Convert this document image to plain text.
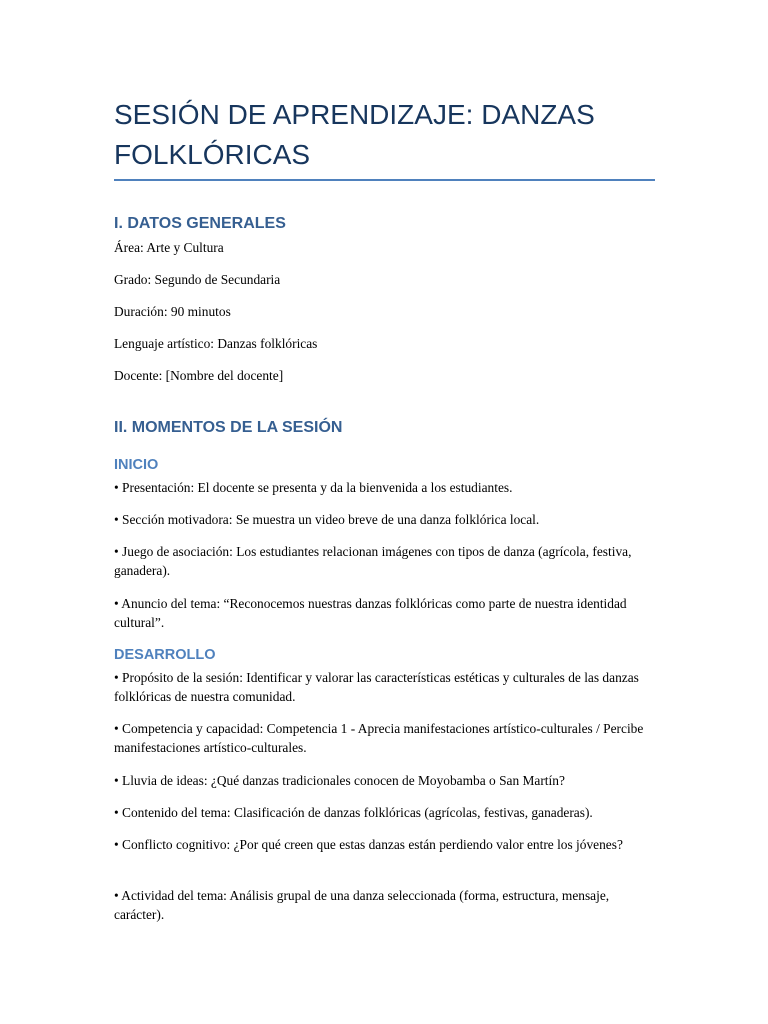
SESIÓN DE APRENDIZAJE: DANZAS FOLKLÓRICAS
I. DATOS GENERALES

Área: Arte y Cultura

Grado: Segundo de Secundaria

Duración: 90 minutos

Lenguaje artístico: Danzas folklóricas

Docente: [Nombre del docente]

II. MOMENTOS DE LA SESIÓN
INICIO

• Presentación: El docente se presenta y da la bienvenida a los estudiantes.

• Sección motivadora: Se muestra un video breve de una danza folklórica local.

• Juego de asociación: Los estudiantes relacionan imágenes con tipos de danza (agrícola, festiva, ganadera).

• Anuncio del tema: “Reconocemos nuestras danzas folklóricas como parte de nuestra identidad cultural”.

DESARROLLO

• Propósito de la sesión: Identificar y valorar las características estéticas y culturales de las danzas folklóricas de nuestra comunidad.

• Competencia y capacidad: Competencia 1 - Aprecia manifestaciones artístico-culturales / Percibe manifestaciones artístico-culturales.

• Lluvia de ideas: ¿Qué danzas tradicionales conocen de Moyobamba o San Martín?

• Contenido del tema: Clasificación de danzas folklóricas (agrícolas, festivas, ganaderas).

• Conflicto cognitivo: ¿Por qué creen que estas danzas están perdiendo valor entre los jóvenes?

• Actividad del tema: Análisis grupal de una danza seleccionada (forma, estructura, mensaje, carácter).
